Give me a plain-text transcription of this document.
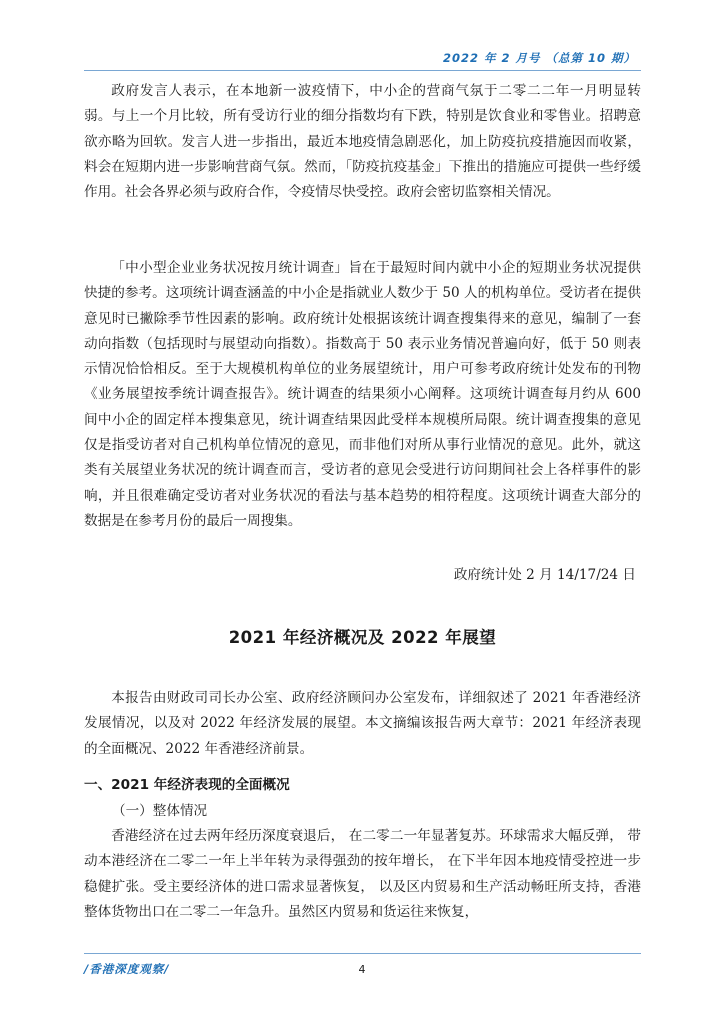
2022 年 2 月号 （总第 10 期）

政府发言人表示，在本地新一波疫情下，中小企的营商气氛于二零二二年一月明显转弱。与上一个月比较，所有受访行业的细分指数均有下跌，特别是饮食业和零售业。招聘意欲亦略为回软。发言人进一步指出，最近本地疫情急剧恶化，加上防疫抗疫措施因而收紧，料会在短期内进一步影响营商气氛。然而，「防疫抗疫基金」下推出的措施应可提供一些纾缓作用。社会各界必须与政府合作，令疫情尽快受控。政府会密切监察相关情况。

「中小型企业业务状况按月统计调查」旨在于最短时间内就中小企的短期业务状况提供快捷的参考。这项统计调查涵盖的中小企是指就业人数少于 50 人的机构单位。受访者在提供意见时已撇除季节性因素的影响。政府统计处根据该统计调查搜集得来的意见，编制了一套动向指数（包括现时与展望动向指数）。指数高于 50 表示业务情况普遍向好，低于 50 则表示情况恰恰相反。至于大规模机构单位的业务展望统计，用户可参考政府统计处发布的刊物《业务展望按季统计调查报告》。统计调查的结果须小心阐释。这项统计调查每月约从 600 间中小企的固定样本搜集意见，统计调查结果因此受样本规模所局限。统计调查搜集的意见仅是指受访者对自己机构单位情况的意见，而非他们对所从事行业情况的意见。此外，就这类有关展望业务状况的统计调查而言，受访者的意见会受进行访问期间社会上各样事件的影响，并且很难确定受访者对业务状况的看法与基本趋势的相符程度。这项统计调查大部分的数据是在参考月份的最后一周搜集。

政府统计处 2 月 14/17/24 日
2021 年经济概况及 2022 年展望

本报告由财政司司长办公室、政府经济顾问办公室发布，详细叙述了 2021 年香港经济发展情况，以及对 2022 年经济发展的展望。本文摘编该报告两大章节：2021 年经济表现的全面概况、2022 年香港经济前景。

一、2021 年经济表现的全面概况
（一）整体情况

香港经济在过去两年经历深度衰退后， 在二零二一年显著复苏。环球需求大幅反弹， 带动本港经济在二零二一年上半年转为录得强劲的按年增长， 在下半年因本地疫情受控进一步稳健扩张。受主要经济体的进口需求显著恢复， 以及区内贸易和生产活动畅旺所支持，香港整体货物出口在二零二一年急升。虽然区内贸易和货运往来恢复，

/香港深度观察/	4
